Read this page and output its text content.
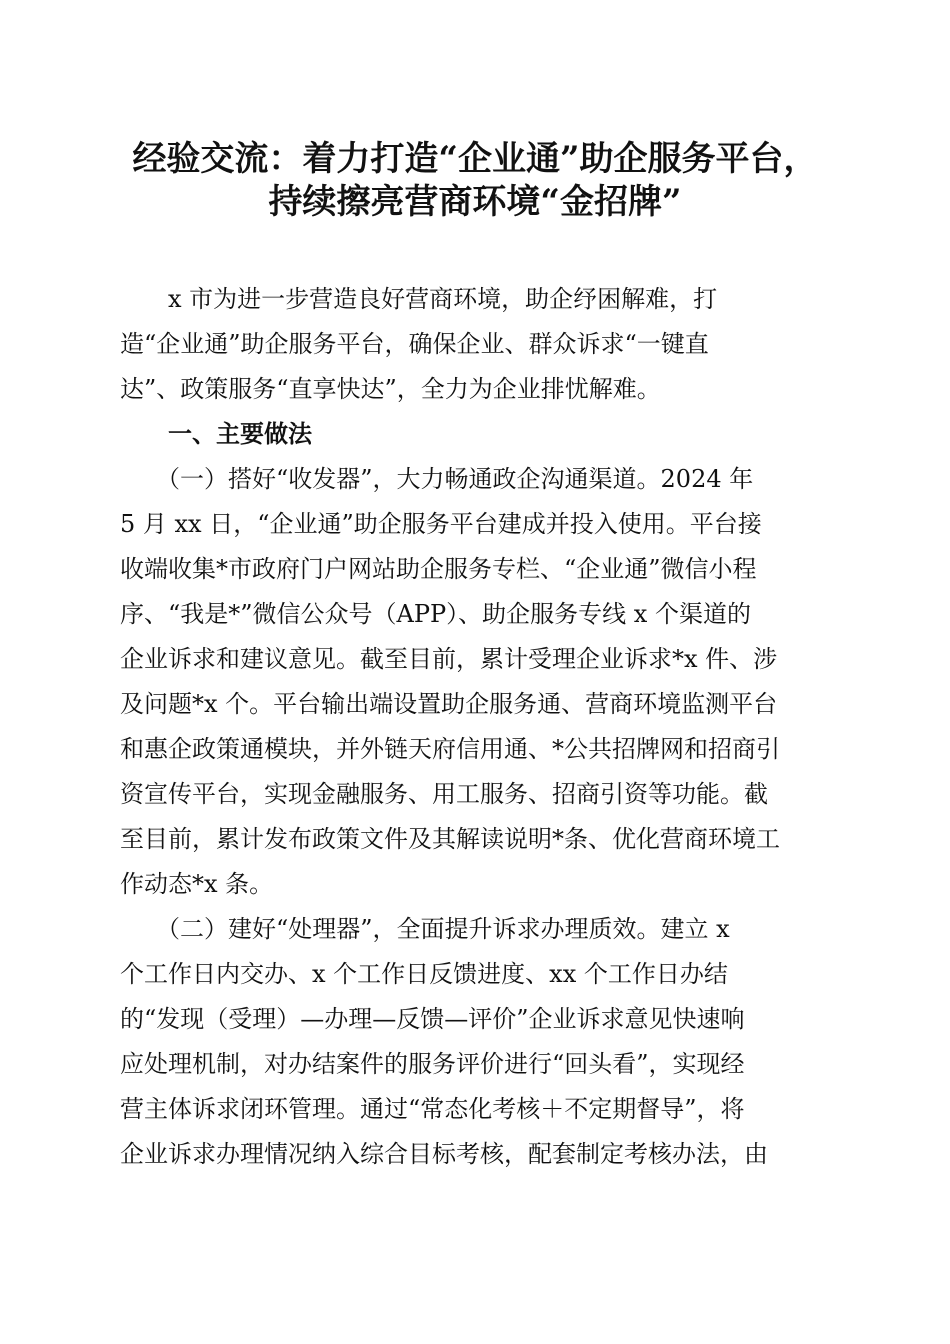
经验交流：着力打造“企业通”助企服务平台，
持续擦亮营商环境“金招牌”
　　x 市为进一步营造良好营商环境，助企纾困解难，打
造“企业通”助企服务平台，确保企业、群众诉求“一键直
达”、政策服务“直享快达”，全力为企业排忧解难。
　　一、主要做法
　　（一）搭好“收发器”，大力畅通政企沟通渠道。2024 年
5 月 xx 日，“企业通”助企服务平台建成并投入使用。平台接
收端收集*市政府门户网站助企服务专栏、“企业通”微信小程
序、“我是*”微信公众号（APP）、助企服务专线 x 个渠道的
企业诉求和建议意见。截至目前，累计受理企业诉求*x 件、涉
及问题*x 个。平台输出端设置助企服务通、营商环境监测平台
和惠企政策通模块，并外链天府信用通、*公共招牌网和招商引
资宣传平台，实现金融服务、用工服务、招商引资等功能。截
至目前，累计发布政策文件及其解读说明*条、优化营商环境工
作动态*x 条。
　　（二）建好“处理器”，全面提升诉求办理质效。建立 x
个工作日内交办、x 个工作日反馈进度、xx 个工作日办结
的“发现（受理）—办理—反馈—评价”企业诉求意见快速响
应处理机制，对办结案件的服务评价进行“回头看”，实现经
营主体诉求闭环管理。通过“常态化考核＋不定期督导”，将
企业诉求办理情况纳入综合目标考核，配套制定考核办法，由
